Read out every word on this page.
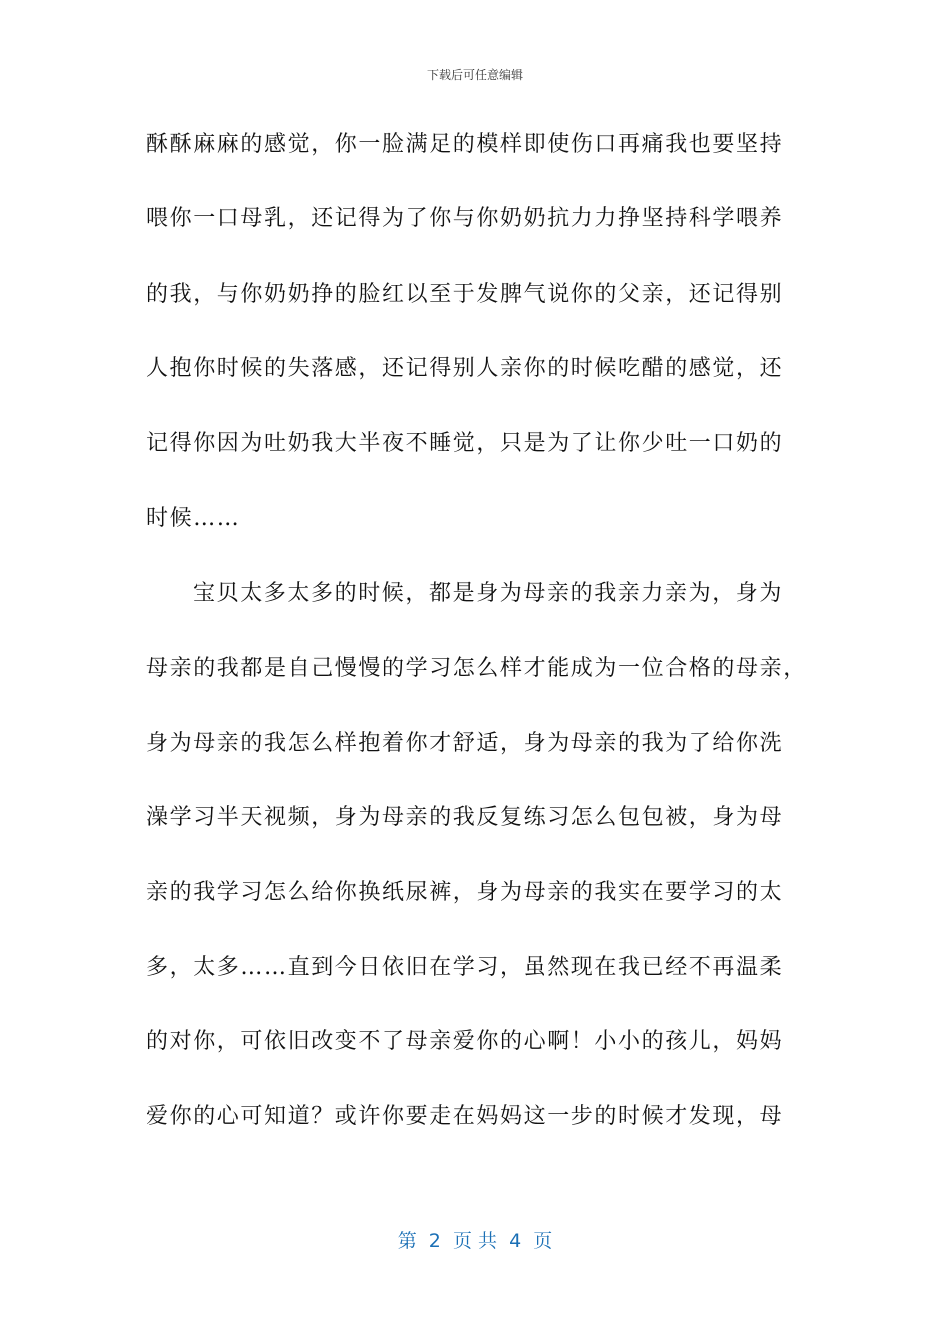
下载后可任意编辑
酥酥麻麻的感觉，你一脸满足的模样即使伤口再痛我也要坚持
喂你一口母乳，还记得为了你与你奶奶抗力力挣坚持科学喂养
的我，与你奶奶挣的脸红以至于发脾气说你的父亲，还记得别
人抱你时候的失落感，还记得别人亲你的时候吃醋的感觉，还
记得你因为吐奶我大半夜不睡觉，只是为了让你少吐一口奶的
时候……
宝贝太多太多的时候，都是身为母亲的我亲力亲为，身为
母亲的我都是自己慢慢的学习怎么样才能成为一位合格的母亲，
身为母亲的我怎么样抱着你才舒适，身为母亲的我为了给你洗
澡学习半天视频，身为母亲的我反复练习怎么包包被，身为母
亲的我学习怎么给你换纸尿裤，身为母亲的我实在要学习的太
多，太多……直到今日依旧在学习，虽然现在我已经不再温柔
的对你，可依旧改变不了母亲爱你的心啊！小小的孩儿，妈妈
爱你的心可知道？或许你要走在妈妈这一步的时候才发现，母
第  2  页 共  4  页
